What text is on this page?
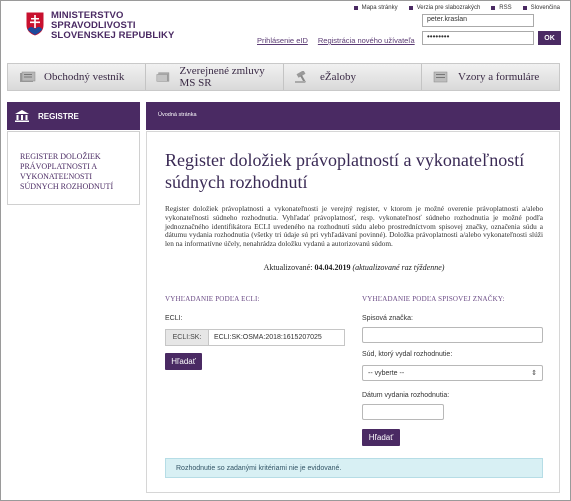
MINISTERSTVO
SPRAVODLIVOSTI
SLOVENSKEJ REPUBLIKY
Mapa stránky	Verzia pre slabozrakých	RSS	Slovenčina
peter.kraslan
Prihlásenie eID Registrácia nového užívateľa	••••••••	OK
Obchodný vestník	Zverejnené zmluvy MS SR	eŽaloby	Vzory a formuláre
REGISTRE
REGISTER DOLOŽIEK PRÁVOPLATNOSTI A VYKONATEĽNOSTI SÚDNYCH ROZHODNUTÍ
Úvodná stránka
Register doložiek právoplatností a vykonateľností súdnych rozhodnutí
Register doložiek právoplatnosti a vykonateľnosti je verejný register, v ktorom je možné overenie právoplatnosti a/alebo vykonateľnosti súdneho rozhodnutia. Vyhľadať právoplatnosť, resp. vykonateľnosť súdneho rozhodnutia je možné podľa jednoznačného identifikátora ECLI uvedeného na rozhodnutí súdu alebo prostredníctvom spisovej značky, označenia súdu a dátumu vydania rozhodnutia (všetky tri údaje sú pri vyhľadávaní povinné). Doložka právoplatnosti a/alebo vykonateľnosti slúži len na informatívne účely, nenahrádza doložku vydanú a autorizovanú súdom.
Aktualizované: 04.04.2019 (aktualizované raz týždenne)
VYHĽADANIE PODĽA ECLI:
ECLI:
ECLI:SK:	ECLI:SK:OSMA:2018:1615207025
Hľadať
VYHĽADANIE PODĽA SPISOVEJ ZNAČKY:
Spisová značka:
Súd, ktorý vydal rozhodnutie:
-- vyberte --	⇕
Dátum vydania rozhodnutia:
Hľadať
Rozhodnutie so zadanými kritériami nie je evidované.
